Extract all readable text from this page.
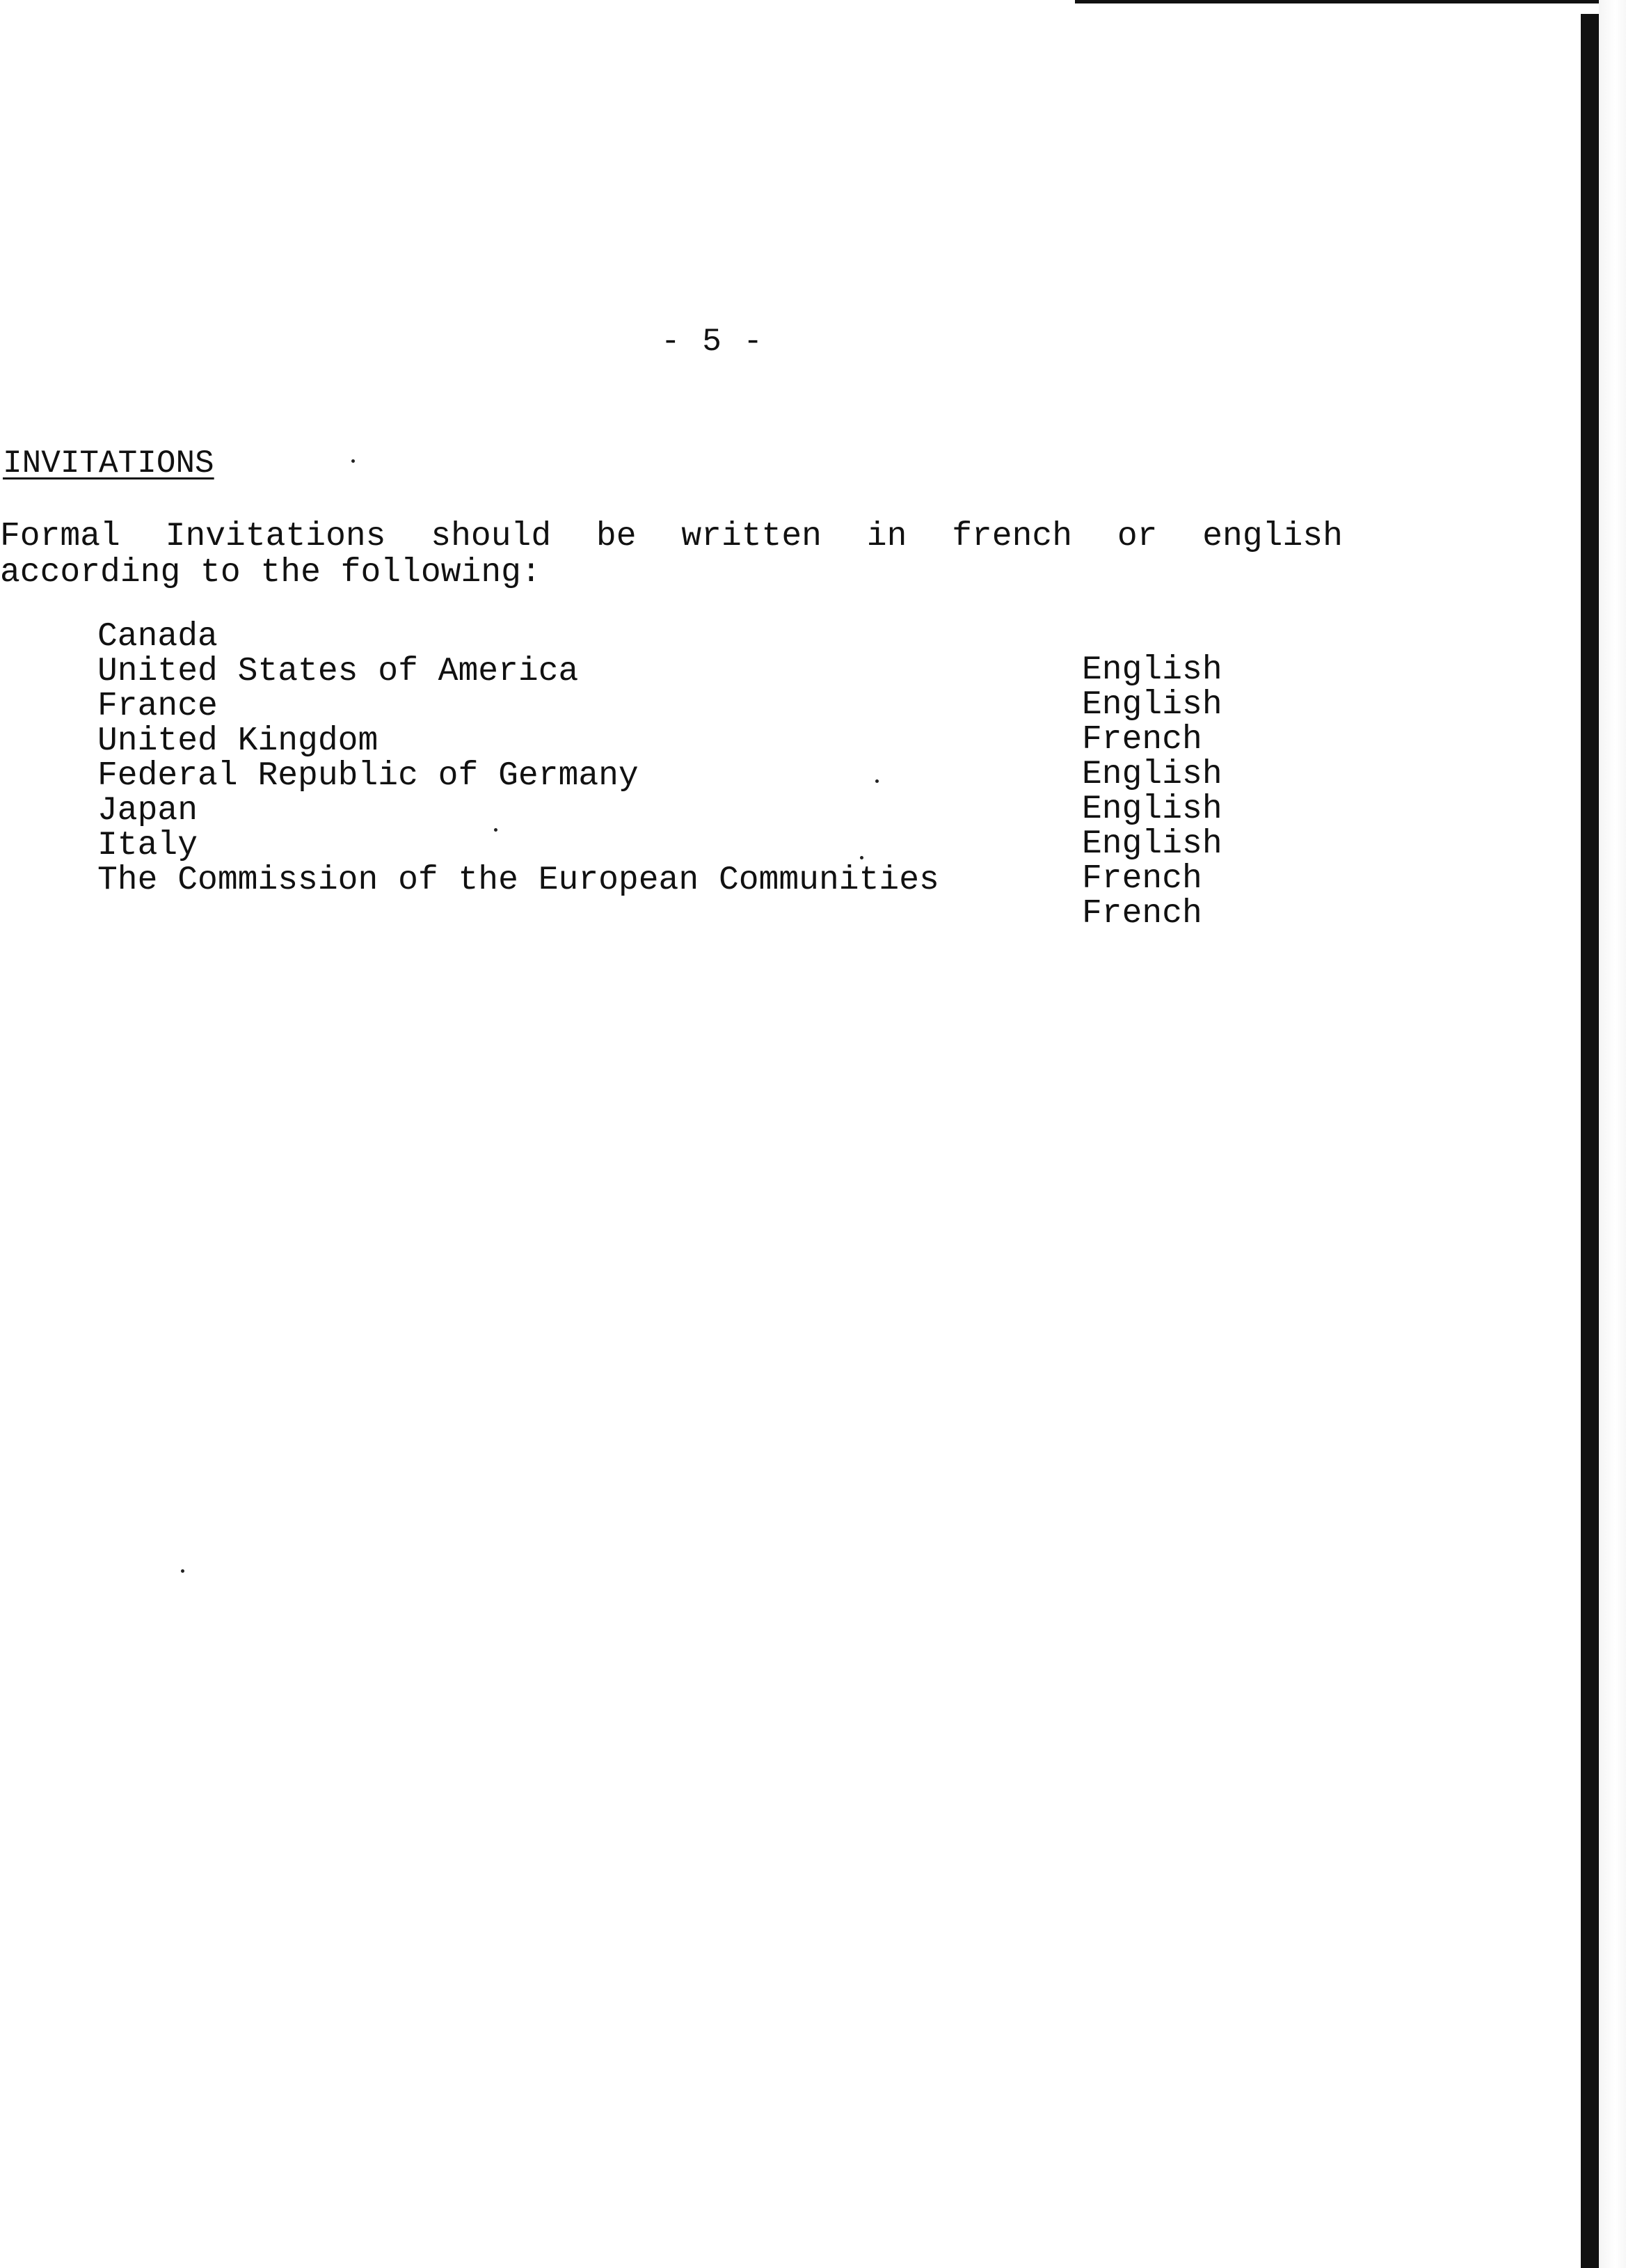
- 5 -
INVITATIONS
Formal Invitations should be written in french or english
according to the following:
Canada
United States of America
France
United Kingdom
Federal Republic of Germany
Japan
Italy
The Commission of the European Communities
English
English
French
English
English
English
French
French
